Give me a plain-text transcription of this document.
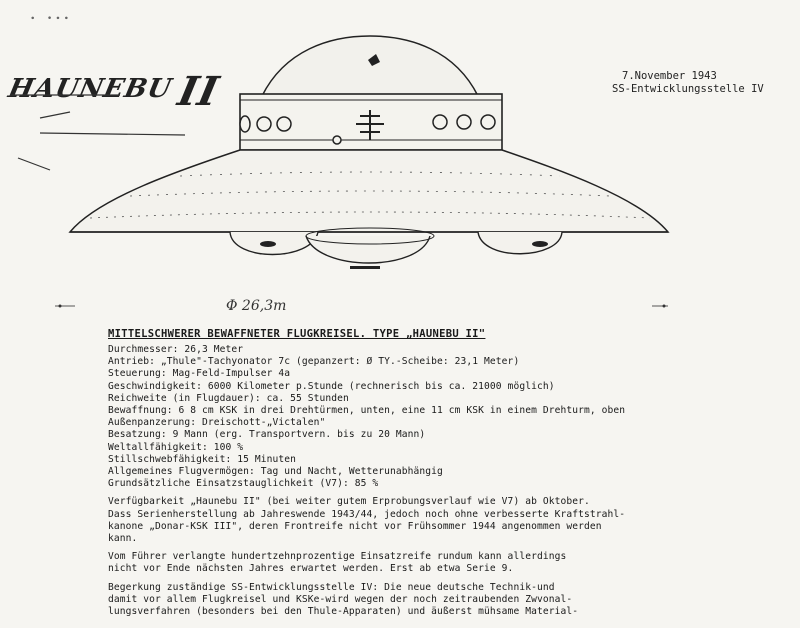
∙ •∙∙
HAUNEBUII	7.November 1943
SS-Entwicklungsstelle IV
Φ 26,3m
MITTELSCHWERER BEWAFFNETER FLUGKREISEL. TYPE „HAUNEBU II"
Durchmesser: 26,3 Meter
Antrieb: „Thule"-Tachyonator 7c (gepanzert: Ø TY.-Scheibe: 23,1 Meter)
Steuerung: Mag-Feld-Impulser 4a
Geschwindigkeit: 6000 Kilometer p.Stunde (rechnerisch bis ca. 21000 möglich)
Reichweite (in Flugdauer): ca. 55 Stunden
Bewaffnung: 6 8 cm KSK in drei Drehtürmen, unten, eine 11 cm KSK in einem Drehturm, oben
Außenpanzerung: Dreischott-„Victalen"
Besatzung: 9 Mann (erg. Transportvern. bis zu 20 Mann)
Weltallfähigkeit: 100 %
Stillschwebfähigkeit: 15 Minuten
Allgemeines Flugvermögen: Tag und Nacht, Wetterunabhängig
Grundsätzliche Einsatzstauglichkeit (V7): 85 %
Verfügbarkeit „Haunebu II" (bei weiter gutem Erprobungsverlauf wie V7) ab Oktober.
Dass Serienherstellung ab Jahreswende 1943/44, jedoch noch ohne verbesserte Kraftstrahl-
kanone „Donar-KSK III", deren Frontreife nicht vor Frühsommer 1944 angenommen werden
kann.
Vom Führer verlangte hundertzehnprozentige Einsatzreife rundum kann allerdings
nicht vor Ende nächsten Jahres erwartet werden. Erst ab etwa Serie 9.
Begerkung zuständige SS-Entwicklungsstelle IV: Die neue deutsche Technik-und
damit vor allem Flugkreisel und KSKe-wird wegen der noch zeitraubenden Zwvonal-
lungsverfahren (besonders bei den Thule-Apparaten) und äußerst mühsame Material-
